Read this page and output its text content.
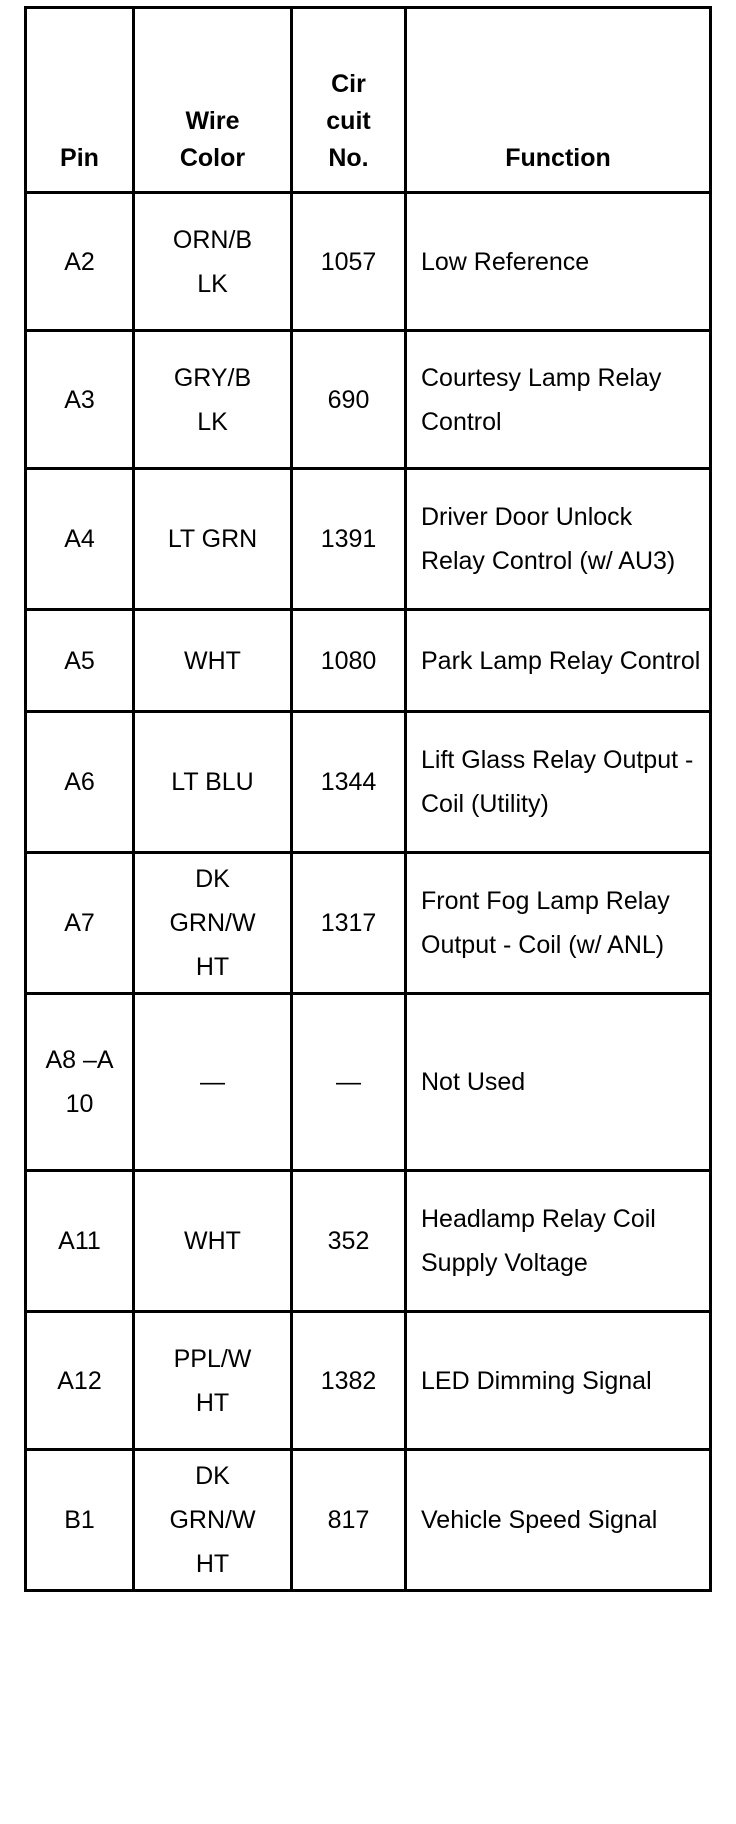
Pin	Wire Color	Cir cuit No.	Function

A2	ORN/B LK	1057	Low Reference

A3	GRY/B LK	690	Courtesy Lamp Relay Control

A4	LT GRN	1391	Driver Door Unlock Relay Control (w/ AU3)

A5	WHT	1080	Park Lamp Relay Control

A6	LT BLU	1344	Lift Glass Relay Output - Coil (Utility)

A7	DK GRN/W HT	1317	Front Fog Lamp Relay Output - Coil (w/ ANL)

A8 –A 10	—	—	Not Used

A11	WHT	352	Headlamp Relay Coil Supply Voltage

A12	PPL/W HT	1382	LED Dimming Signal

B1	DK GRN/W HT	817	Vehicle Speed Signal
